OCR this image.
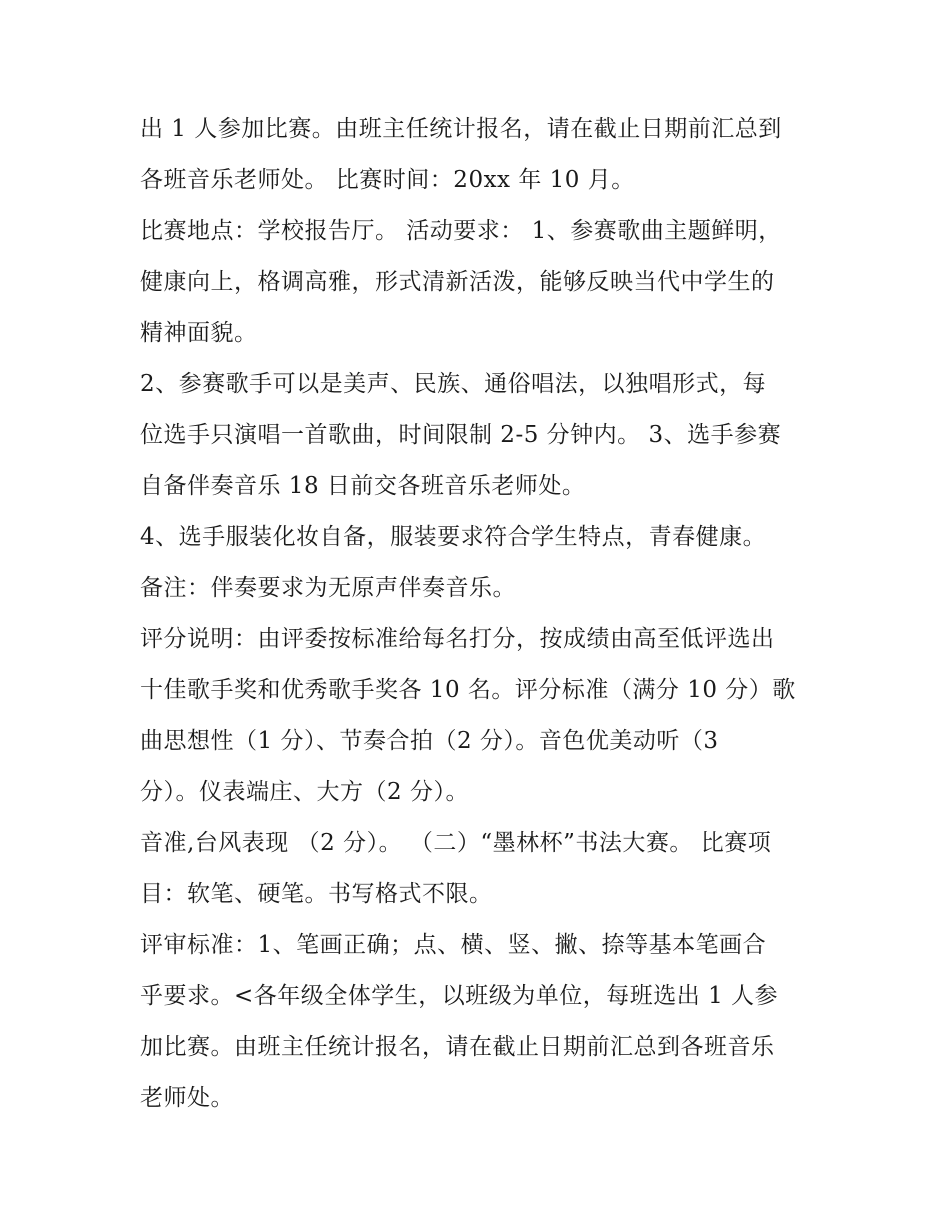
出 1 人参加比赛。由班主任统计报名，请在截止日期前汇总到
各班音乐老师处。 比赛时间：20xx 年 10 月。
比赛地点：学校报告厅。 活动要求： 1、参赛歌曲主题鲜明，
健康向上，格调高雅，形式清新活泼，能够反映当代中学生的
精神面貌。
2、参赛歌手可以是美声、民族、通俗唱法，以独唱形式，每
位选手只演唱一首歌曲，时间限制 2-5 分钟内。 3、选手参赛
自备伴奏音乐 18 日前交各班音乐老师处。
4、选手服装化妆自备，服装要求符合学生特点，青春健康。
备注：伴奏要求为无原声伴奏音乐。
评分说明：由评委按标准给每名打分，按成绩由高至低评选出
十佳歌手奖和优秀歌手奖各 10 名。评分标准（满分 10 分）歌
曲思想性（1 分）、节奏合拍（2 分）。音色优美动听（3
分）。仪表端庄、大方（2 分）。
音准,台风表现 （2 分）。 （二）“墨林杯”书法大赛。 比赛项
目：软笔、硬笔。书写格式不限。
评审标准：1、笔画正确；点、横、竖、撇、捺等基本笔画合
乎要求。<各年级全体学生，以班级为单位，每班选出 1 人参
加比赛。由班主任统计报名，请在截止日期前汇总到各班音乐
老师处。
